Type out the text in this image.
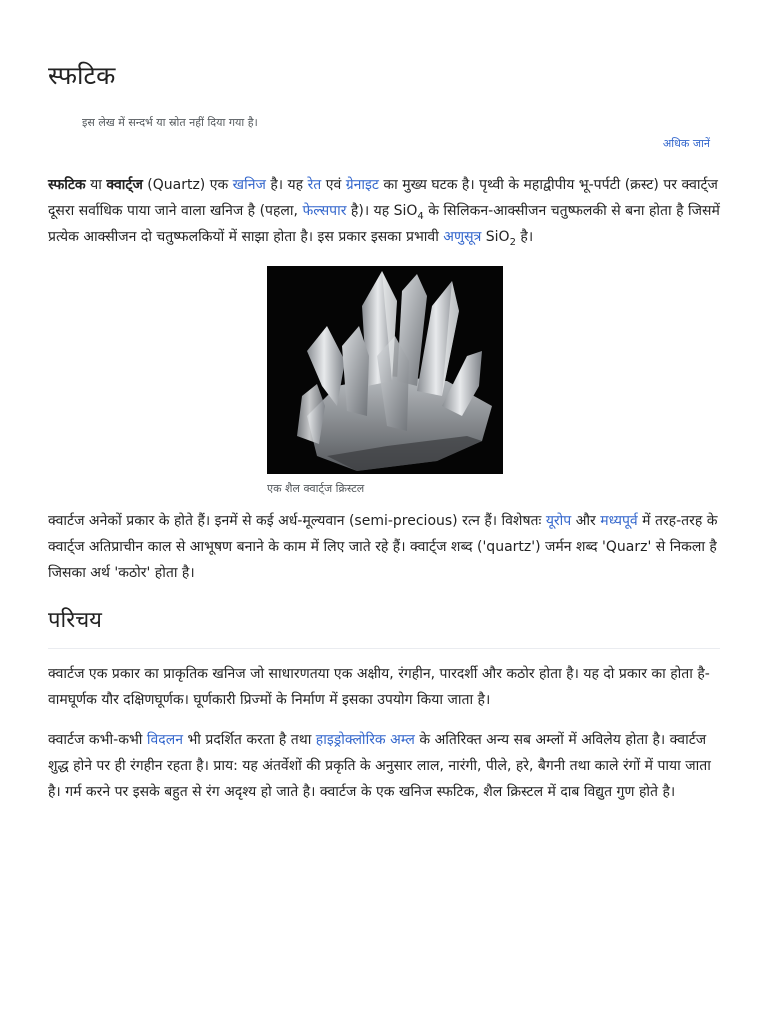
स्फटिक
इस लेख में सन्दर्भ या स्रोत नहीं दिया गया है।
अधिक जानें

स्फटिक या क्वार्ट्ज (Quartz) एक खनिज है। यह रेत एवं ग्रेनाइट का मुख्य घटक है। पृथ्वी के महाद्वीपीय भू-पर्पटी (क्रस्ट) पर क्वार्ट्ज दूसरा सर्वाधिक पाया जाने वाला खनिज है (पहला, फेल्सपार है)। यह SiO$_4$ के सिलिकन-आक्सीजन चतुष्फलकी से बना होता है जिसमें प्रत्येक आक्सीजन दो चतुष्फलकियों में साझा होता है। इस प्रकार इसका प्रभावी अणुसूत्र SiO$_2$ है।

एक शैल क्वार्ट्ज क्रिस्टल

क्वार्टज अनेकों प्रकार के होते हैं। इनमें से कई अर्ध-मूल्यवान (semi-precious) रत्न हैं। विशेषतः यूरोप और मध्यपूर्व में तरह-तरह के क्वार्ट्ज अतिप्राचीन काल से आभूषण बनाने के काम में लिए जाते रहे हैं। क्वार्ट्ज शब्द ('quartz') जर्मन शब्द 'Quarz' से निकला है जिसका अर्थ 'कठोर' होता है।

परिचय

क्वार्टज एक प्रकार का प्राकृतिक खनिज जो साधारणतया एक अक्षीय, रंगहीन, पारदर्शी और कठोर होता है। यह दो प्रकार का होता है- वामघूर्णक यौर दक्षिणघूर्णक। घूर्णकारी प्रिज्मों के निर्माण में इसका उपयोग किया जाता है।

क्वार्टज कभी-कभी विदलन भी प्रदर्शित करता है तथा हाइड्रोक्लोरिक अम्ल के अतिरिक्त अन्य सब अम्लों में अविलेय होता है। क्वार्टज शुद्ध होने पर ही रंगहीन रहता है। प्राय: यह अंतर्वेशों की प्रकृति के अनुसार लाल, नारंगी, पीले, हरे, बैगनी तथा काले रंगों में पाया जाता है। गर्म करने पर इसके बहुत से रंग अदृश्य हो जाते है। क्वार्टज के एक खनिज स्फटिक, शैल क्रिस्टल में दाब विद्युत गुण होते है।
